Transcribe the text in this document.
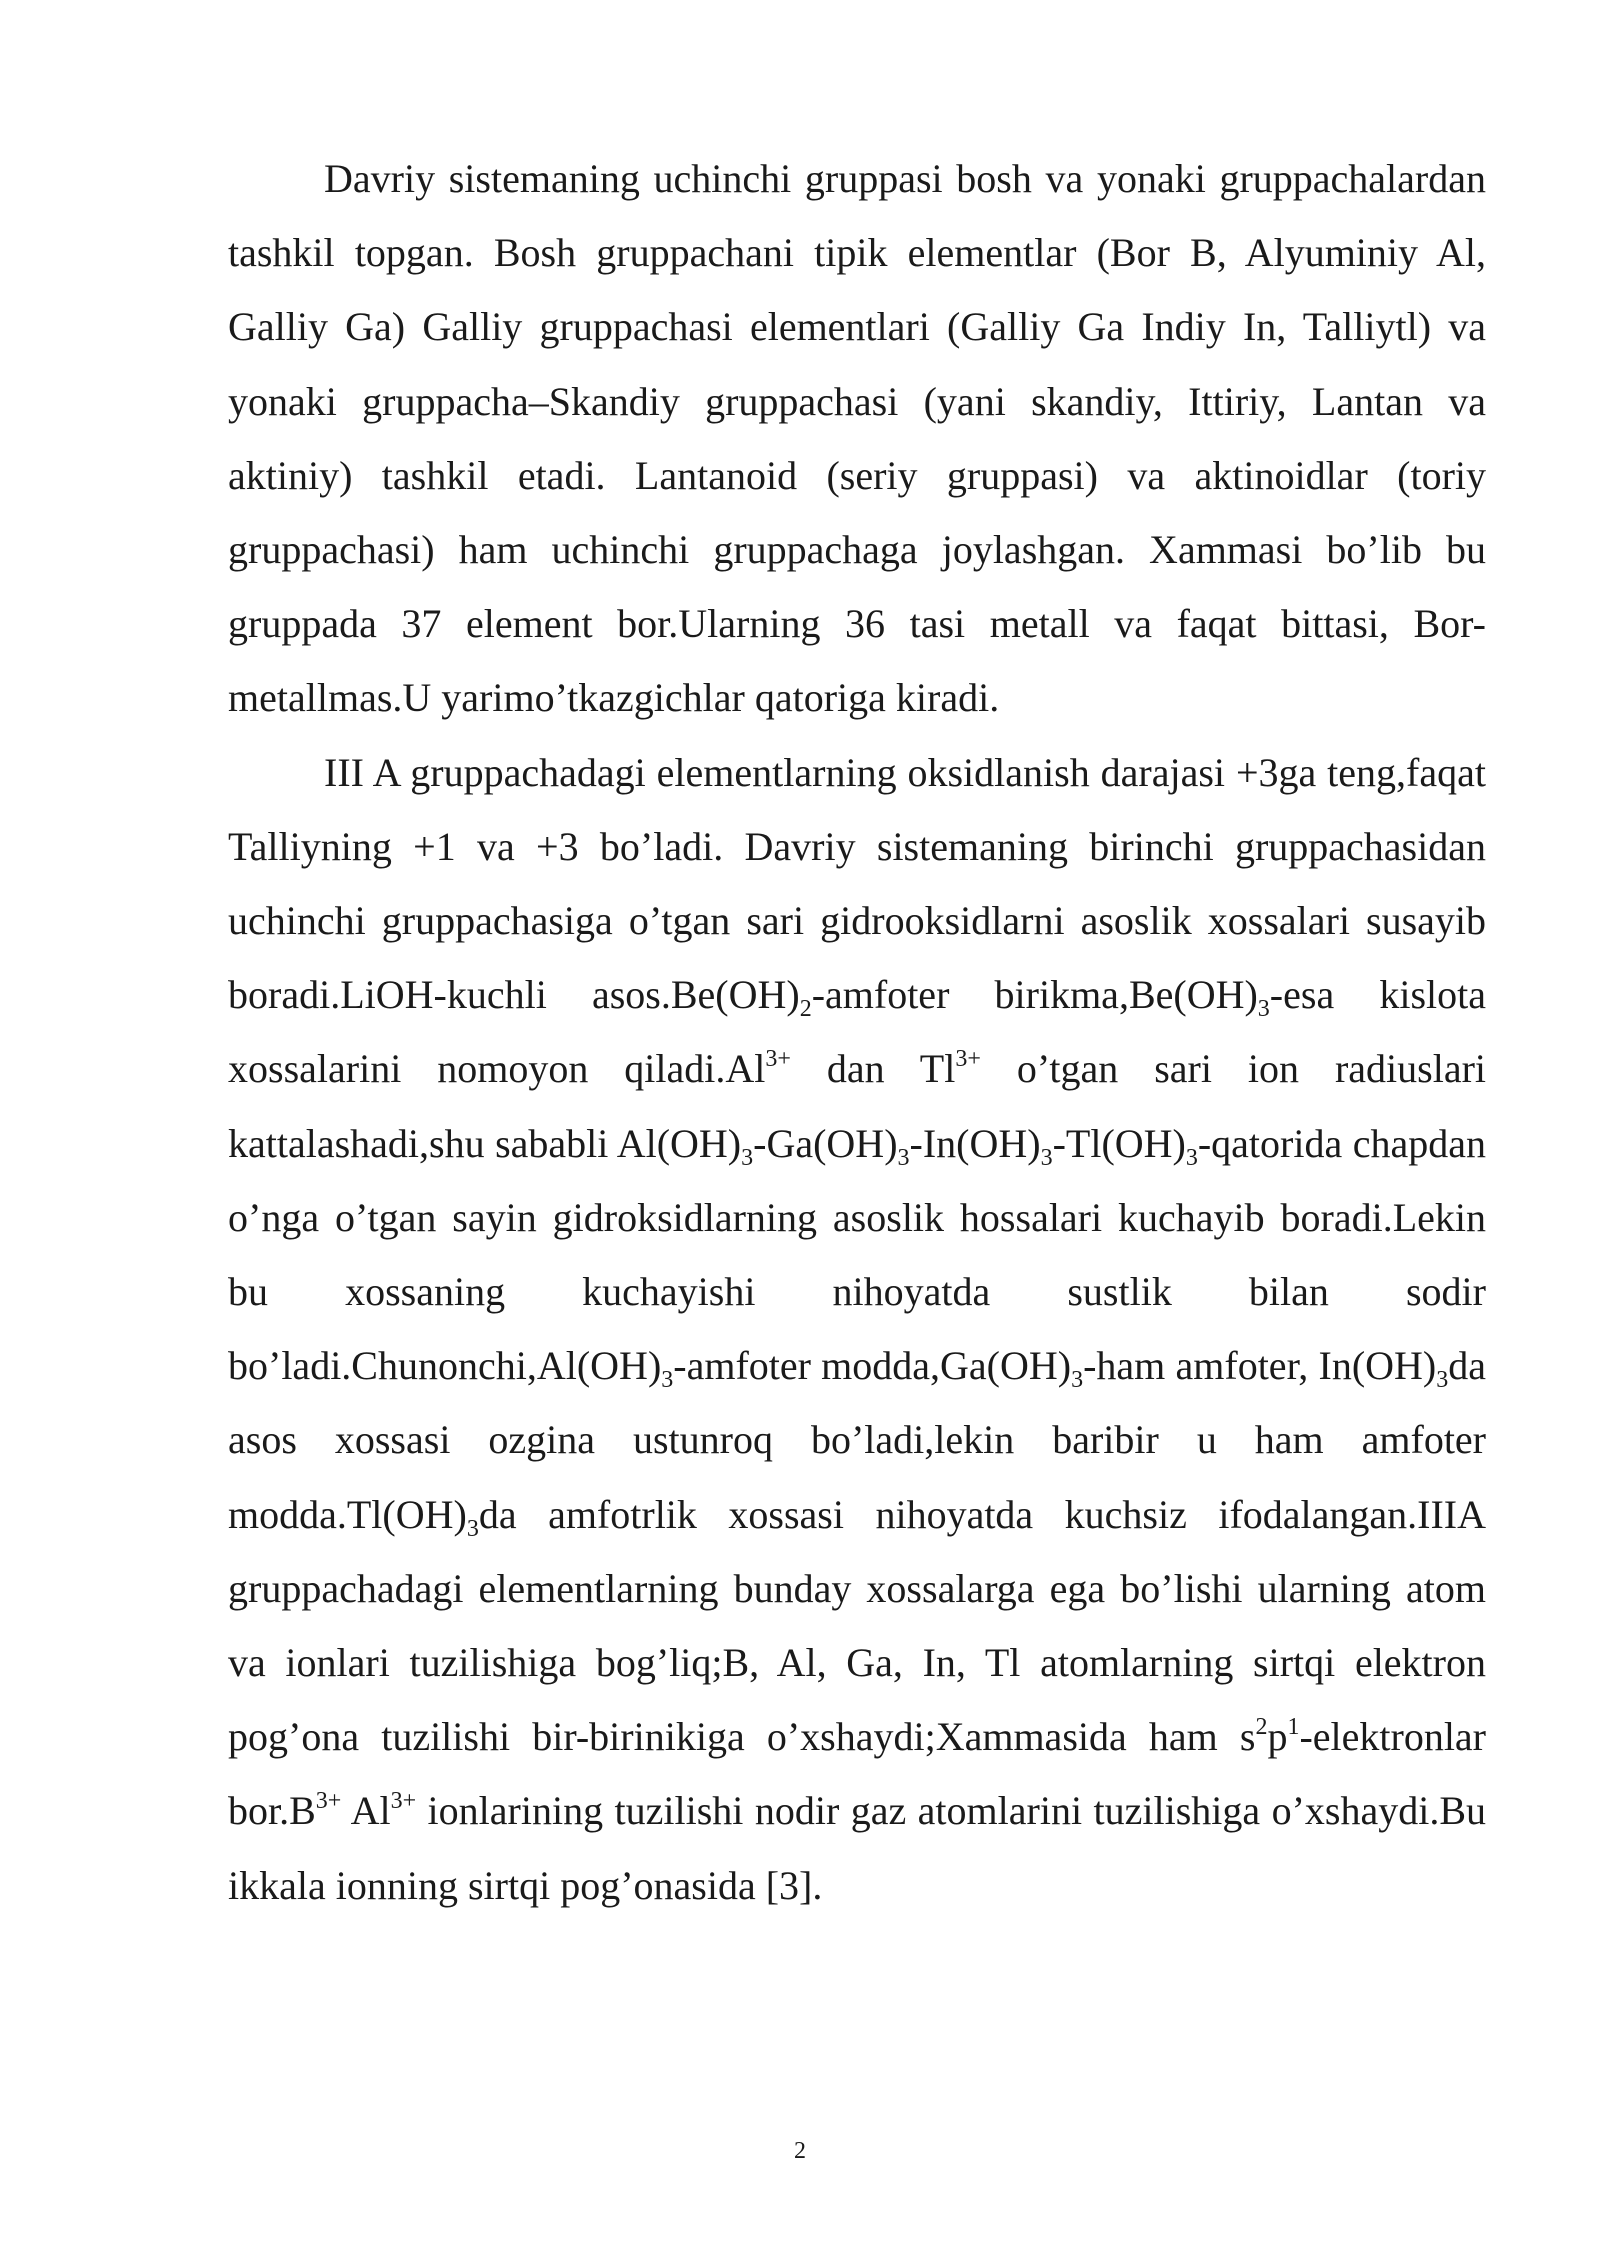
Davriy sistemaning uchinchi gruppasi bosh va yonaki gruppachalardan tashkil topgan. Bosh gruppachani tipik elementlar (Bor B, Alyuminiy Al, Galliy Ga) Galliy gruppachasi elementlari (Galliy Ga Indiy In, Talliytl) va yonaki gruppacha–Skandiy gruppachasi (yani skandiy, Ittiriy, Lantan va aktiniy) tashkil etadi. Lantanoid (seriy gruppasi) va aktinoidlar (toriy gruppachasi) ham uchinchi gruppachaga joylashgan. Xammasi bo’lib bu gruppada 37 element bor.Ularning 36 tasi metall va faqat bittasi, Bor-metallmas.U yarimo’tkazgichlar qatoriga kiradi.

III A gruppachadagi elementlarning oksidlanish darajasi +3ga teng,faqat Talliyning +1 va +3 bo’ladi. Davriy sistemaning birinchi gruppachasidan uchinchi gruppachasiga o’tgan sari gidrooksidlarni asoslik xossalari susayib boradi.LiOH-kuchli $asos.Be(OH)_2$-amfoter $birikma,Be(OH)_3$-esa kislota xossalarini nomoyon $qiladi.Al^{3+}$ dan $Tl^{3+}$ o’tgan sari ion radiuslari kattalashadi,shu sababli $Al(OH)_3-Ga(OH)_3-In(OH)_3-Tl(OH)_3$-qatorida chapdan o’nga o’tgan sayin gidroksidlarning asoslik hossalari kuchayib boradi.Lekin bu xossaning kuchayishi nihoyatda sustlik bilan sodir $bo’ladi.Chunonchi,Al(OH)_3$-amfoter $modda,Ga(OH)_3$-ham amfoter, $In(OH)_3da$ asos xossasi ozgina ustunroq bo’ladi,lekin baribir u ham amfoter $modda.Tl(OH)_3da$ amfotrlik xossasi nihoyatda kuchsiz ifodalangan.IIIA gruppachadagi elementlarning bunday xossalarga ega bo’lishi ularning atom va ionlari tuzilishiga bog’liq;B, Al, Ga, In, Tl atomlarning sirtqi elektron pog’ona tuzilishi bir-birinikiga o’xshaydi;Xammasida ham $s^2p^1$-elektronlar $bor.B^{3+}$ $Al^{3+}$ ionlarining tuzilishi nodir gaz atomlarini tuzilishiga o’xshaydi.Bu ikkala ionning sirtqi pog’onasida [3].

2
